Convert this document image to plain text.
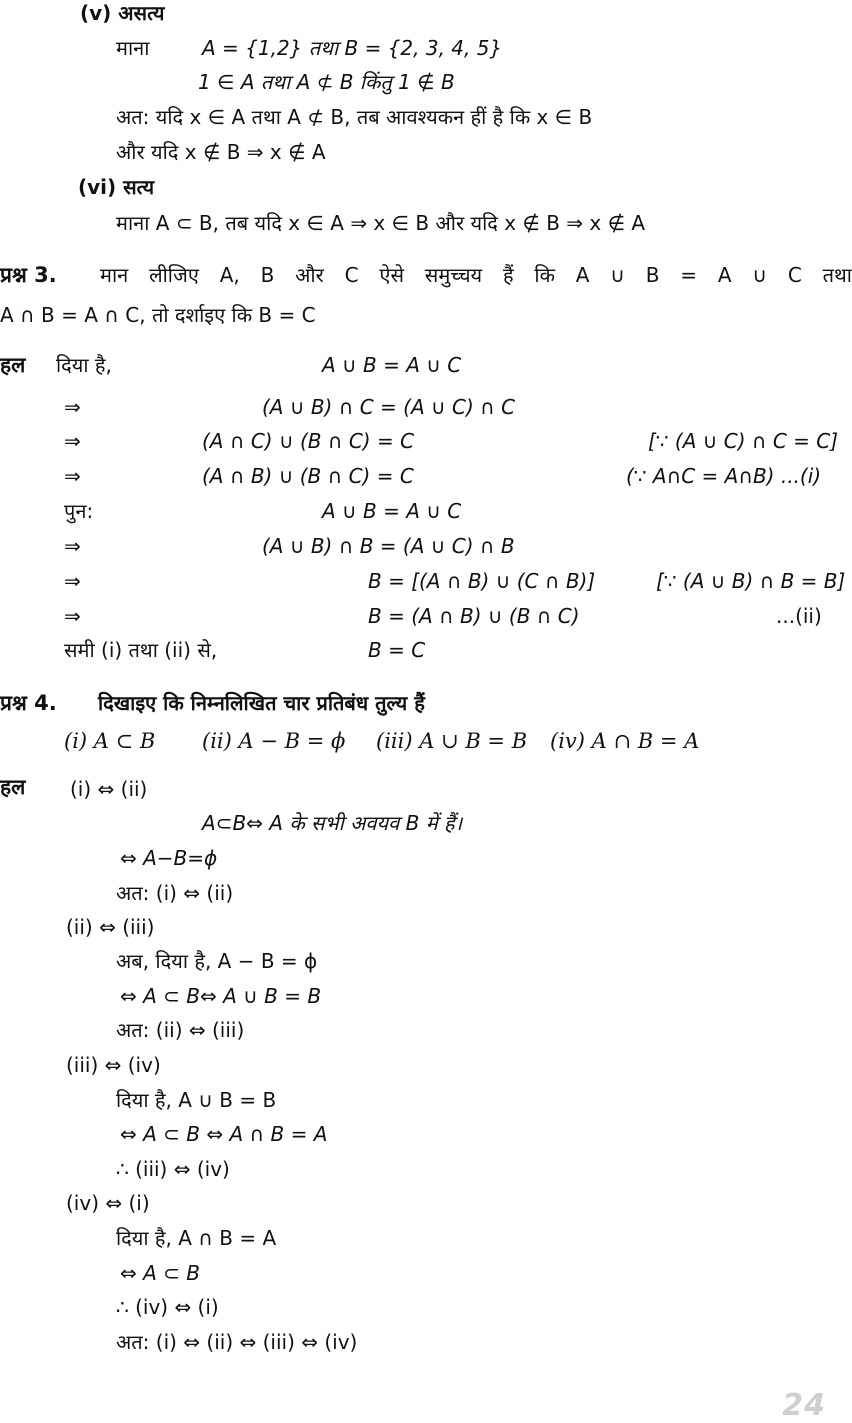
(v) असत्य
माना	A = {1,2} तथा B = {2, 3, 4, 5}
1 ∈ A तथा A ⊄ B किंतु 1 ∉ B
अत: यदि x ∈ A तथा A ⊄ B, तब आवश्यकन हीं है कि x ∈ B
और यदि x ∉ B ⇒ x ∉ A
(vi) सत्य
माना A ⊂ B, तब यदि x ∈ A ⇒ x ∈ B और यदि x ∉ B ⇒ x ∉ A
प्रश्न 3. मान लीजिए A, B और C ऐसे समुच्चय हैं कि A ∪ B = A ∪ C तथा
A ∩ B = A ∩ C, तो दर्शाइए कि B = C
हल दिया है,	A ∪ B = A ∪ C
⇒	(A ∪ B) ∩ C = (A ∪ C) ∩ C
⇒	(A ∩ C) ∪ (B ∩ C) = C	[∵ (A ∪ C) ∩ C = C]
⇒	(A ∩ B) ∪ (B ∩ C) = C	(∵ A∩C = A∩B) ...(i)
पुन:	A ∪ B = A ∪ C
⇒	(A ∪ B) ∩ B = (A ∪ C) ∩ B
⇒	B = [(A ∩ B) ∪ (C ∩ B)]	[∵ (A ∪ B) ∩ B = B]
⇒	B = (A ∩ B) ∪ (B ∩ C)	...(ii)
समी (i) तथा (ii) से,	B = C
प्रश्न 4. दिखाइए कि निम्नलिखित चार प्रतिबंध तुल्य हैं
(i) A ⊂ B (ii) A − B = ϕ (iii) A ∪ B = B (iv) A ∩ B = A
हल (i) ⇔ (ii)
A⊂B⇔ A के सभी अवयव B में हैं।
⇔ A−B=ϕ
अत: (i) ⇔ (ii)
(ii) ⇔ (iii)
अब, दिया है, A − B = ϕ
⇔ A ⊂ B⇔ A ∪ B = B
अत: (ii) ⇔ (iii)
(iii) ⇔ (iv)
दिया है, A ∪ B = B
⇔ A ⊂ B ⇔ A ∩ B = A
∴ (iii) ⇔ (iv)
(iv) ⇔ (i)
दिया है, A ∩ B = A
⇔ A ⊂ B
∴ (iv) ⇔ (i)
अत: (i) ⇔ (ii) ⇔ (iii) ⇔ (iv)
24
